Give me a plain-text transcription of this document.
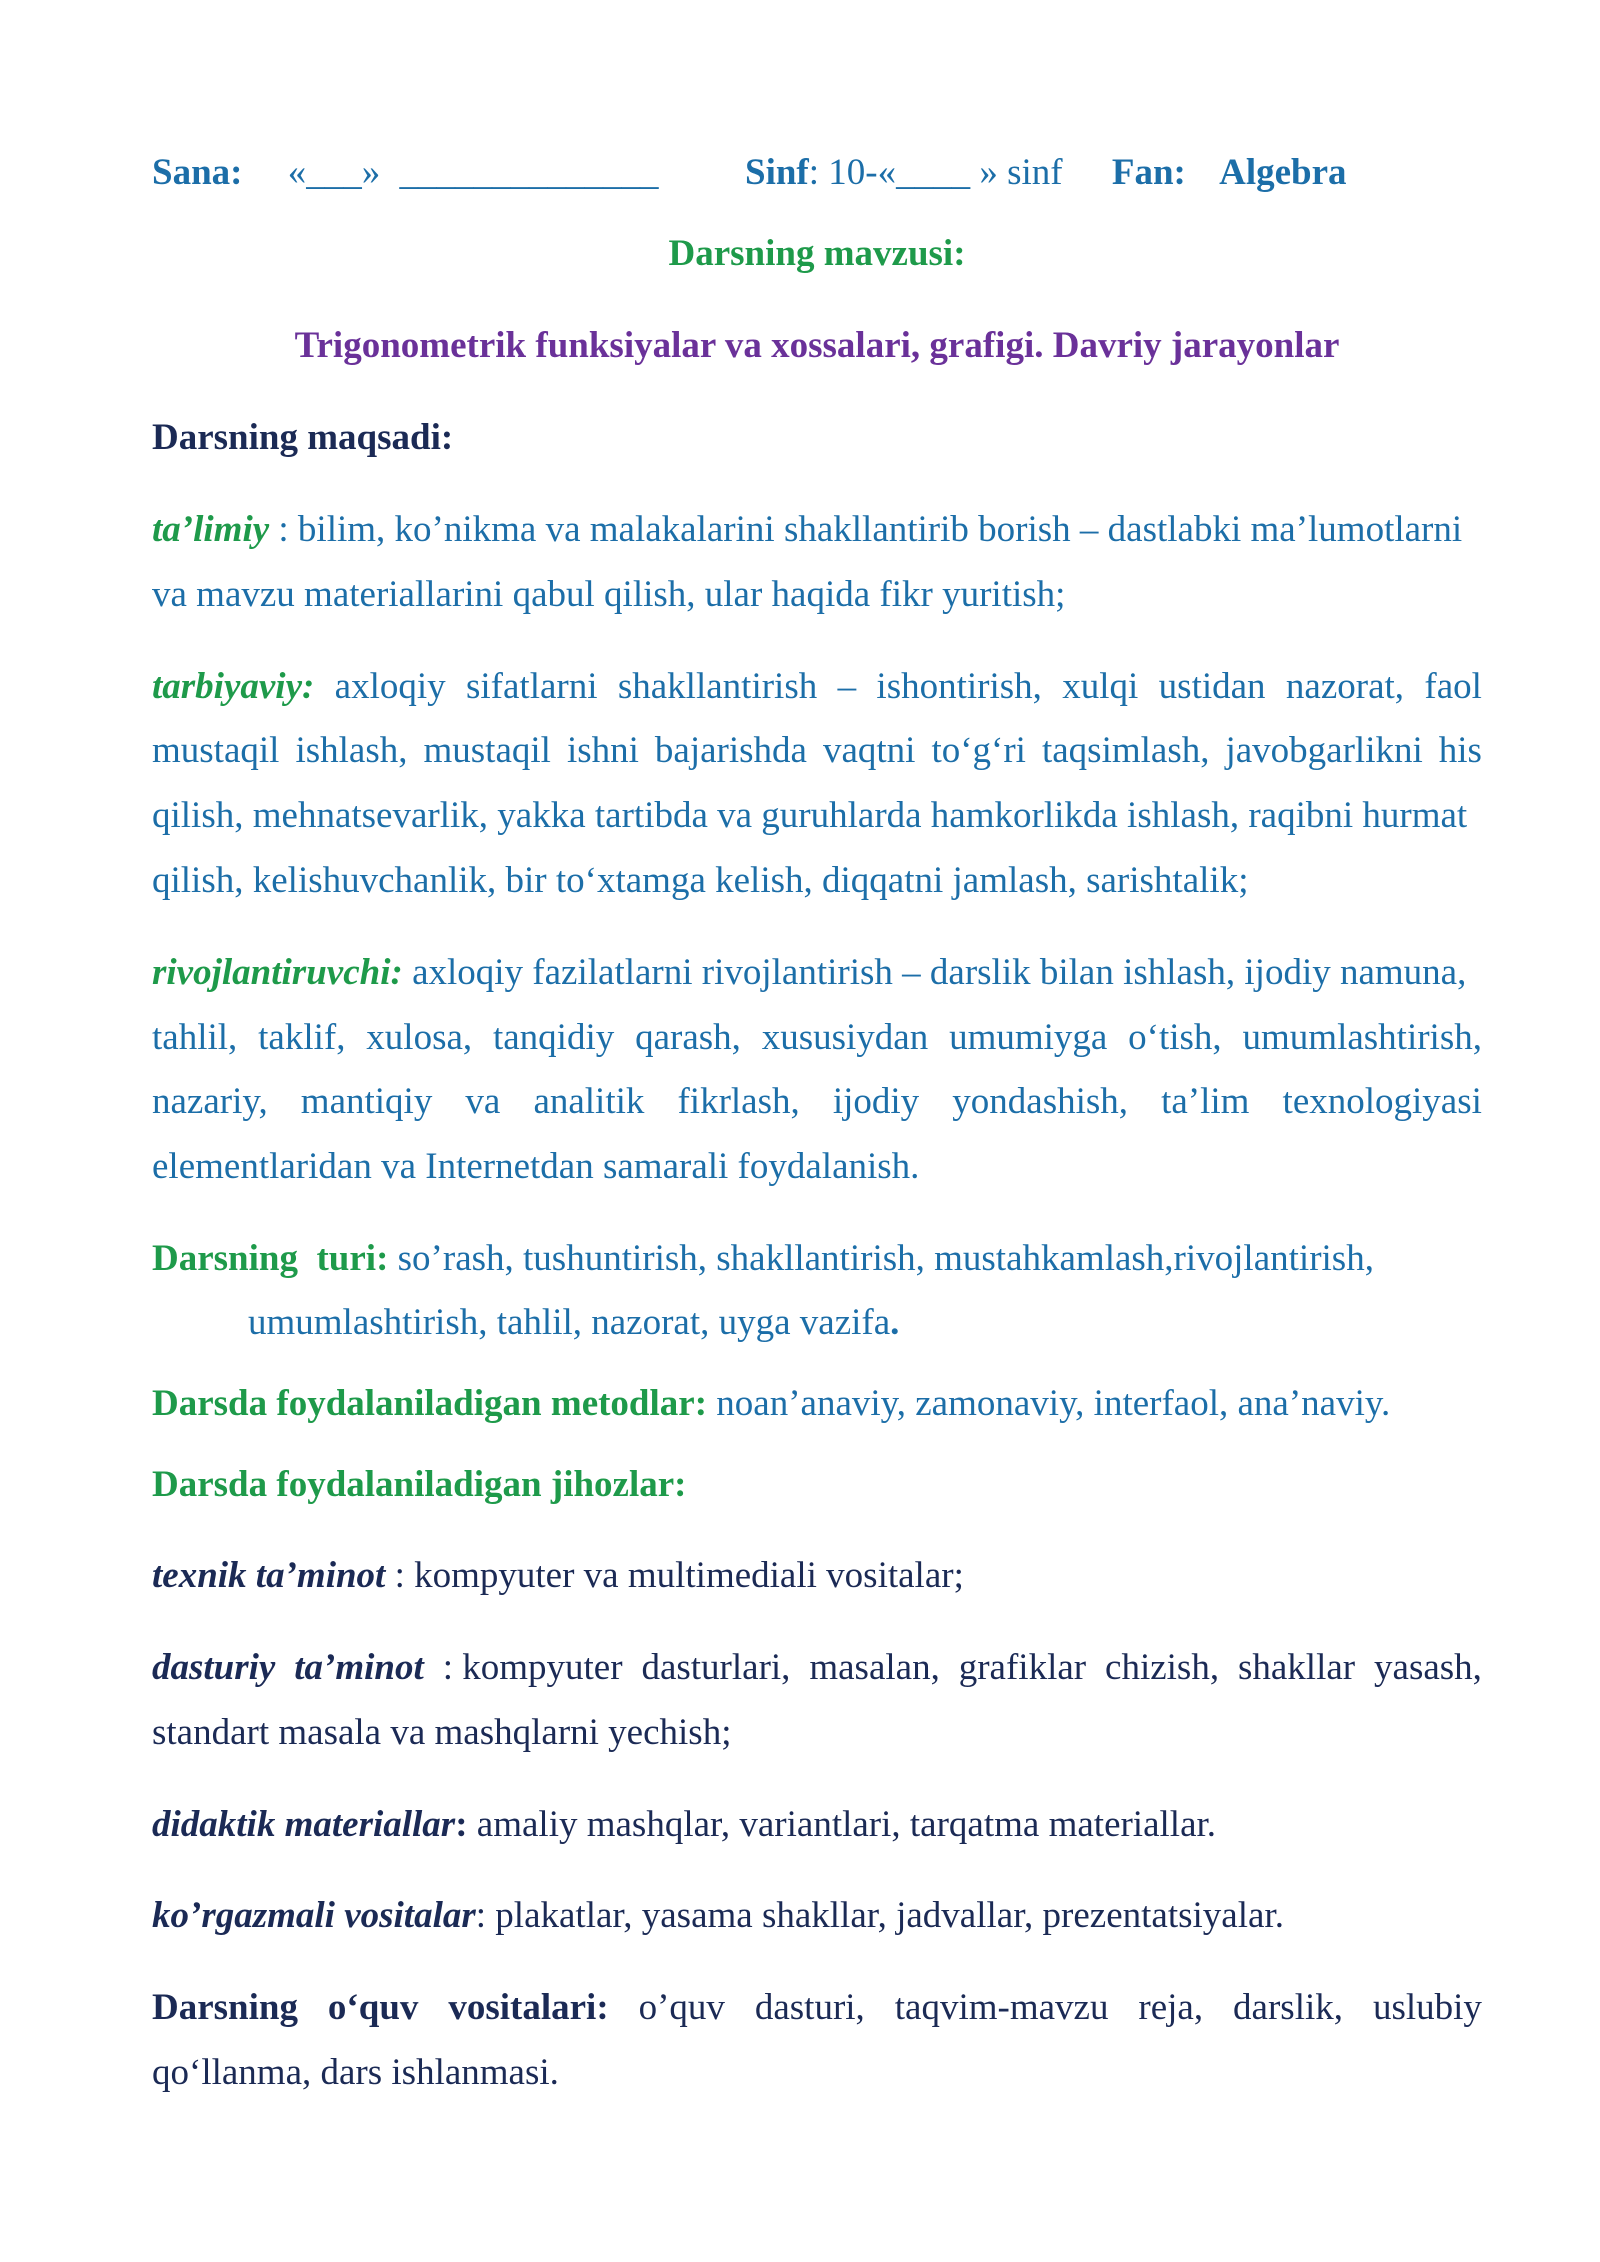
Sana: «___» ______________ Sinf: 10-«____ » sinf Fan: Algebra
Darsning mavzusi:
Trigonometrik funksiyalar va xossalari, grafigi. Davriy jarayonlar
Darsning maqsadi:
ta’limiy : bilim, ko’nikma va malakalarini shakllantirib borish – dastlabki ma’lumotlarni
va mavzu materiallarini qabul qilish, ular haqida fikr yuritish;
tarbiyaviy: axloqiy sifatlarni shakllantirish – ishontirish, xulqi ustidan nazorat, faol
mustaqil ishlash, mustaqil ishni bajarishda vaqtni to‘g‘ri taqsimlash, javobgarlikni his
qilish, mehnatsevarlik, yakka tartibda va guruhlarda hamkorlikda ishlash, raqibni hurmat
qilish, kelishuvchanlik, bir to‘xtamga kelish, diqqatni jamlash, sarishtalik;
rivojlantiruvchi: axloqiy fazilatlarni rivojlantirish – darslik bilan ishlash, ijodiy namuna,
tahlil, taklif, xulosa, tanqidiy qarash, xususiydan umumiyga o‘tish, umumlashtirish,
nazariy, mantiqiy va analitik fikrlash, ijodiy yondashish, ta’lim texnologiyasi
elementlaridan va Internetdan samarali foydalanish.
Darsning  turi: so’rash, tushuntirish, shakllantirish, mustahkamlash,rivojlantirish,
umumlashtirish, tahlil, nazorat, uyga vazifa.
Darsda foydalaniladigan metodlar: noan’anaviy, zamonaviy, interfaol, ana’naviy.
Darsda foydalaniladigan jihozlar:
texnik ta’minot : kompyuter va multimediali vositalar;
dasturiy ta’minot : kompyuter dasturlari, masalan, grafiklar chizish, shakllar yasash,
standart masala va mashqlarni yechish;
didaktik materiallar: amaliy mashqlar, variantlari, tarqatma materiallar.
ko’rgazmali vositalar: plakatlar, yasama shakllar, jadvallar, prezentatsiyalar.
Darsning o‘quv vositalari: o’quv dasturi, taqvim-mavzu reja, darslik, uslubiy
qo‘llanma, dars ishlanmasi.
